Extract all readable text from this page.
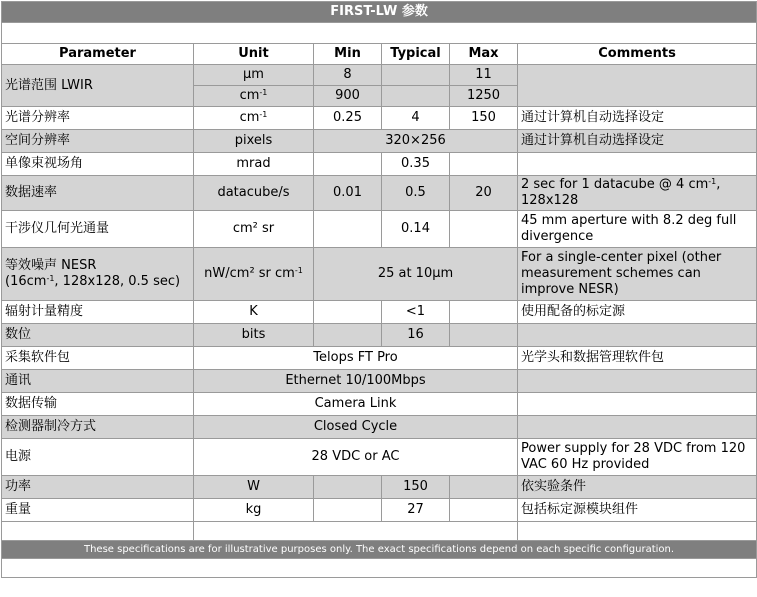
FIRST-LW 参数					

Parameter	Unit	Min	Typical	Max	Comments
光谱范围 LWIR	µm	8		11	
	$cm^{-1}$	900		1250	
光谱分辨率	$cm^{-1}$	0.25	4	150	通过计算机自动选择设定
空间分辨率	pixels	320×256			通过计算机自动选择设定
单像束视场角	mrad		0.35		
数据速率	datacube/s	0.01	0.5	20	2 sec for 1 datacube @ 4 $cm^{-1}$,
128x128
干涉仪几何光通量	cm² sr		0.14		45 mm aperture with 8.2 deg full divergence

等效噪声 NESR
($16cm^{-1}$, 128x128, 0.5 sec)	nW/cm² sr $cm^{-1}$	25 at 10µm			For a single-center pixel (other measurement schemes can improve NESR)
辐射计量精度	K		<1		使用配备的标定源
数位	bits		16		
采集软件包	Telops FT Pro				光学头和数据管理软件包
通讯	Ethernet 10/100Mbps				
数据传输	Camera Link				
检测器制冷方式	Closed Cycle				
电源	28 VDC or AC				Power supply for 28 VDC from 120 VAC 60 Hz provided
功率	W		150		依实验条件
重量	kg		27		包括标定源模块组件

These specifications are for illustrative purposes only. The exact specifications depend on each specific configuration.					
